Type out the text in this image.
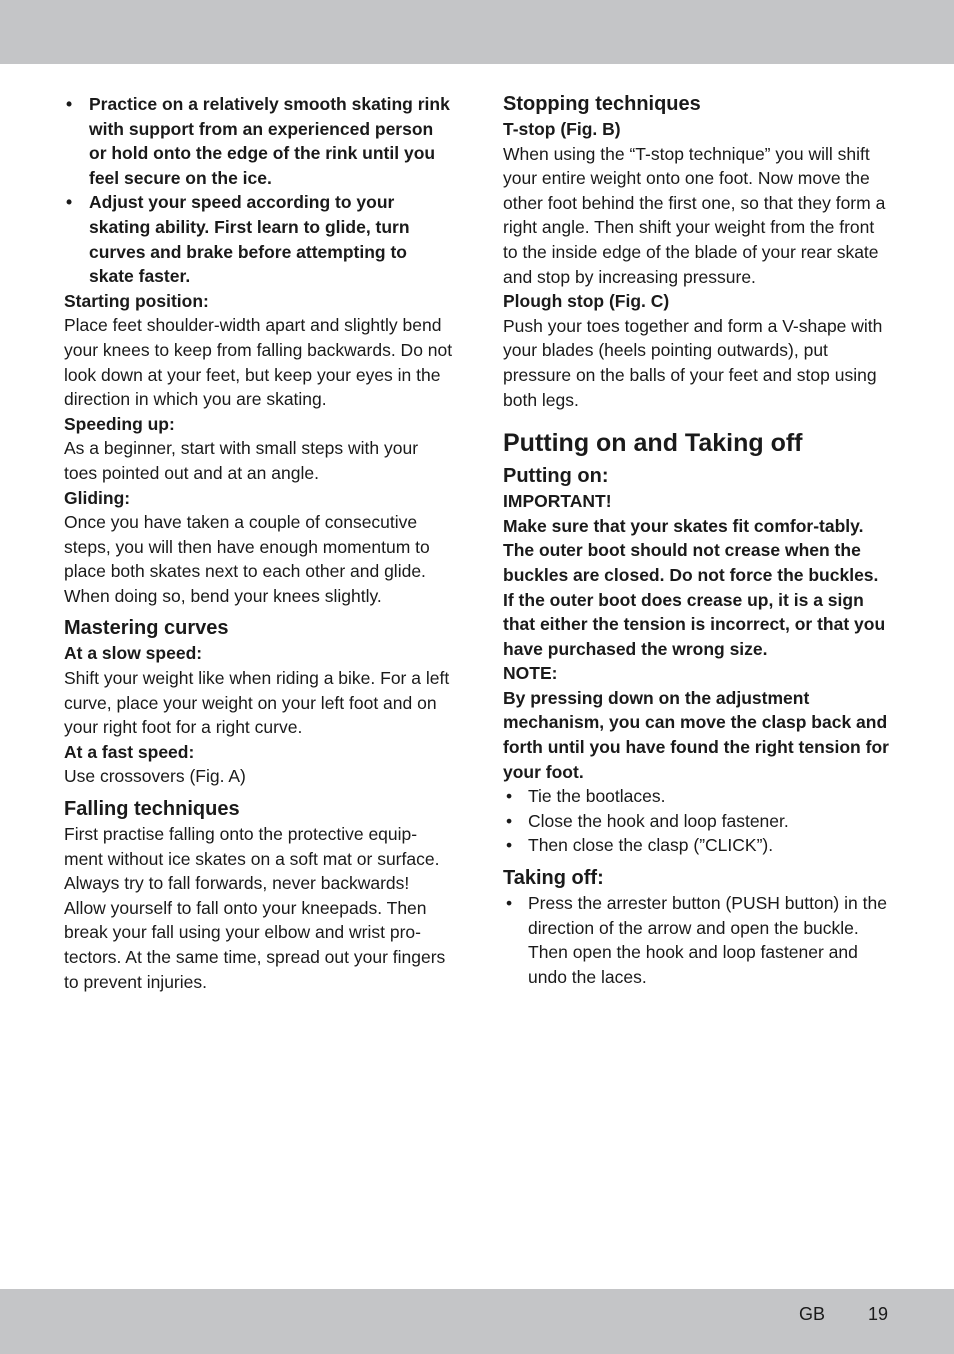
• Practice on a relatively smooth skating rink with support from an experienced person or hold onto the edge of the rink until you feel secure on the ice.
• Adjust your speed according to your skating ability. First learn to glide, turn curves and brake before attempting to skate faster.

Starting position:

Place feet shoulder-width apart and slightly bend your knees to keep from falling backwards. Do not look down at your feet, but keep your eyes in the direction in which you are skating.

Speeding up:

As a beginner, start with small steps with your toes pointed out and at an angle.

Gliding:

Once you have taken a couple of consecutive steps, you will then have enough momentum to place both skates next to each other and glide. When doing so, bend your knees slightly.

Mastering curves

At a slow speed:

Shift your weight like when riding a bike. For a left curve, place your weight on your left foot and on your right foot for a right curve.

At a fast speed:

Use crossovers (Fig. A)

Falling techniques

First practise falling onto the protective equip-ment without ice skates on a soft mat or surface. Always try to fall forwards, never backwards! Allow yourself to fall onto your kneepads. Then break your fall using your elbow and wrist pro-tectors. At the same time, spread out your fingers to prevent injuries.

Stopping techniques

T-stop (Fig. B)

When using the “T-stop technique” you will shift your entire weight onto one foot. Now move the other foot behind the first one, so that they form a right angle. Then shift your weight from the front to the inside edge of the blade of your rear skate and stop by increasing pressure.

Plough stop (Fig. C)

Push your toes together and form a V-shape with your blades (heels pointing outwards), put pressure on the balls of your feet and stop using both legs.

Putting on and Taking off
Putting on:

IMPORTANT!

Make sure that your skates fit comfor-tably. The outer boot should not crease when the buckles are closed. Do not force the buckles. If the outer boot does crease up, it is a sign that either the tension is incorrect, or that you have purchased the wrong size.

NOTE:

By pressing down on the adjustment mechanism, you can move the clasp back and forth until you have found the right tension for your foot.

• Tie the bootlaces.
• Close the hook and loop fastener.
• Then close the clasp (”CLICK”).
Taking off:
• Press the arrester button (PUSH button) in the direction of the arrow and open the buckle. Then open the hook and loop fastener and undo the laces.
GB 19
